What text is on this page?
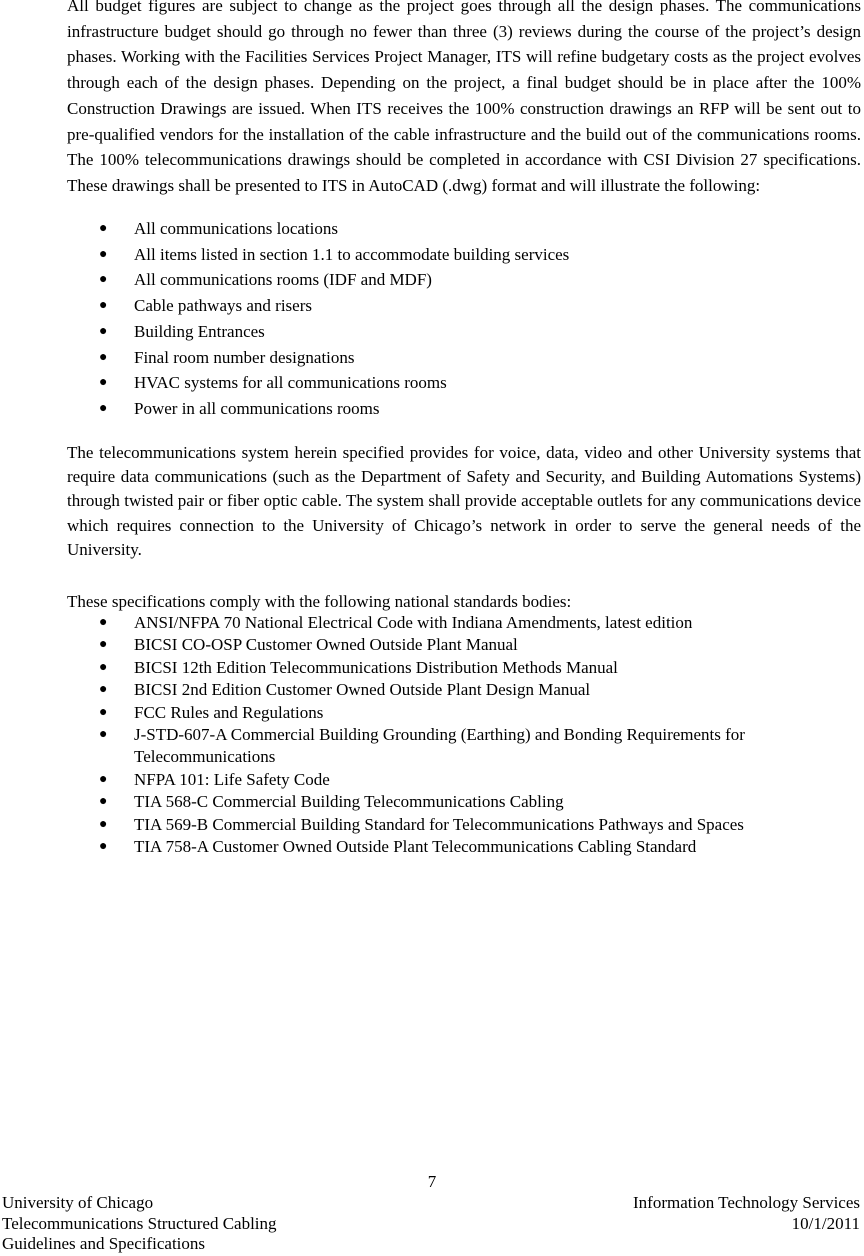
All budget figures are subject to change as the project goes through all the design phases. The communications infrastructure budget should go through no fewer than three (3) reviews during the course of the project’s design phases. Working with the Facilities Services Project Manager, ITS will refine budgetary costs as the project evolves through each of the design phases. Depending on the project, a final budget should be in place after the 100% Construction Drawings are issued. When ITS receives the 100% construction drawings an RFP will be sent out to pre-qualified vendors for the installation of the cable infrastructure and the build out of the communications rooms. The 100% telecommunications drawings should be completed in accordance with CSI Division 27 specifications. These drawings shall be presented to ITS in AutoCAD (.dwg) format and will illustrate the following:

● All communications locations
● All items listed in section 1.1 to accommodate building services
● All communications rooms (IDF and MDF)
● Cable pathways and risers
● Building Entrances
● Final room number designations
● HVAC systems for all communications rooms
● Power in all communications rooms

The telecommunications system herein specified provides for voice, data, video and other University systems that require data communications (such as the Department of Safety and Security, and Building Automations Systems) through twisted pair or fiber optic cable. The system shall provide acceptable outlets for any communications device which requires connection to the University of Chicago’s network in order to serve the general needs of the University.

These specifications comply with the following national standards bodies:

● ANSI/NFPA 70 National Electrical Code with Indiana Amendments, latest edition
● BICSI CO-OSP Customer Owned Outside Plant Manual
● BICSI 12th Edition Telecommunications Distribution Methods Manual
● BICSI 2nd Edition Customer Owned Outside Plant Design Manual
● FCC Rules and Regulations
● J-STD-607-A Commercial Building Grounding (Earthing) and Bonding Requirements for Telecommunications
● NFPA 101: Life Safety Code
● TIA 568-C Commercial Building Telecommunications Cabling
● TIA 569-B Commercial Building Standard for Telecommunications Pathways and Spaces
● TIA 758-A Customer Owned Outside Plant Telecommunications Cabling Standard
7
University of Chicago
Telecommunications Structured Cabling
Guidelines and Specifications
Information Technology Services
10/1/2011
